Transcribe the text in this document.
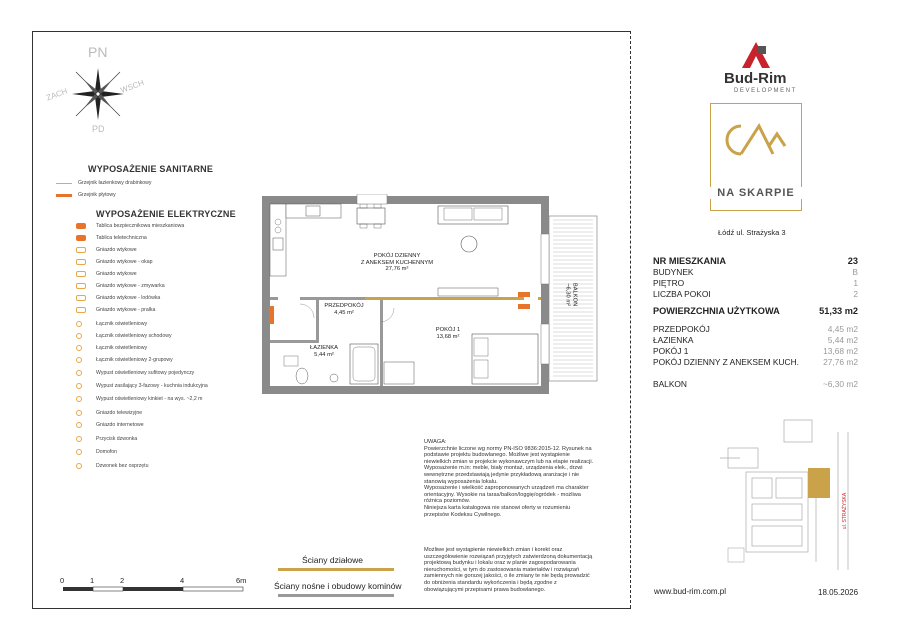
PN
PD
ZACH	WSCH
WYPOSAŻENIE SANITARNE
Grzejnik łazienkowy drabinkowy
Grzejnik płytowy
WYPOSAŻENIE ELEKTRYCZNE
POKÓJ DZIENNY
Z ANEKSEM KUCHENNYM
27,76 m²
PRZEDPOKÓJ
4,45 m²
ŁAZIENKA
5,44 m²
POKÓJ 1
13,68 m²
BALKON
~6,30 m²
UWAGA:
Powierzchnie liczone wg normy PN-ISO 9836:2015-12. Rysunek na
podstawie projektu budowlanego. Możliwe jest wystąpienie
niewielkich zmian w projekcie wykonawczym lub na etapie realizacji.
Wyposażenie m.in: meble, biały montaż, urządzenia elek., drzwi
wewnętrzne przedstawiają jedynie przykładową aranżacje i nie
stanowią wyposażenia lokalu.
Wyposażenie i wielkość zaproponowanych urządzeń ma charakter
orientacyjny. Wysokie na taras/balkon/loggię/ogródek - możliwa
różnica poziomów.
Niniejsza karta katalogowa nie stanowi oferty w rozumieniu
przepisów Kodeksu Cywilnego.
Możliwe jest wystąpienie niewielkich zmian i korekt oraz
uszczegółowienie rozwiązań przyjętych zatwierdzoną dokumentacją
projektową budynku i lokalu oraz w planie zagospodarowania
nieruchomości, w tym do zastosowania materiałów i rozwiązań
zamiennych nie gorszej jakości, o ile zmiany te nie będą prowadzić
do obniżenia standardu wykończenia i będą zgodne z
obowiązującymi przepisami prawa budowlanego.
0	1	2	4	6m
Ściany działowe
Ściany nośne i obudowy kominów
Bud-Rim
DEVELOPMENT
NA SKARPIE
Łódź ul. Strażyska 3
NR MIESZKANIA	23
BUDYNEK	B
PIĘTRO	1
LICZBA POKOI	2
POWIERZCHNIA UŻYTKOWA	51,33 m2
PRZEDPOKÓJ	4,45 m2
ŁAZIENKA	5,44 m2
POKÓJ 1	13,68 m2
POKÓJ DZIENNY Z ANEKSEM KUCH.	27,76 m2
BALKON	~6,30 m2
ul. STRAŻYSKA
www.bud-rim.com.pl	18.05.2026
Tablica bezpiecznikowa mieszkaniowa
Tablica teletechniczna
Gniazdo wtykowe
Gniazdo wtykowe - okap
Gniazdo wtykowe
Gniazdo wtykowe - zmywarka
Gniazdo wtykowe - lodówka
Gniazdo wtykowe - pralka
Łącznik oświetleniowy
Łącznik oświetleniowy schodowy
Łącznik oświetleniowy
Łącznik oświetleniowy 2-grupowy
Wypust oświetleniowy sufitowy pojedynczy
Wypust zasilający 3-fazowy - kuchnia indukcyjna
Wypust oświetleniowy kinkiet - na wys. ~2,2 m
Gniazdo telewizyjne
Gniazdo internetowe
Przycisk dzwonka
Domofon
Dzwonek bez osprzętu
